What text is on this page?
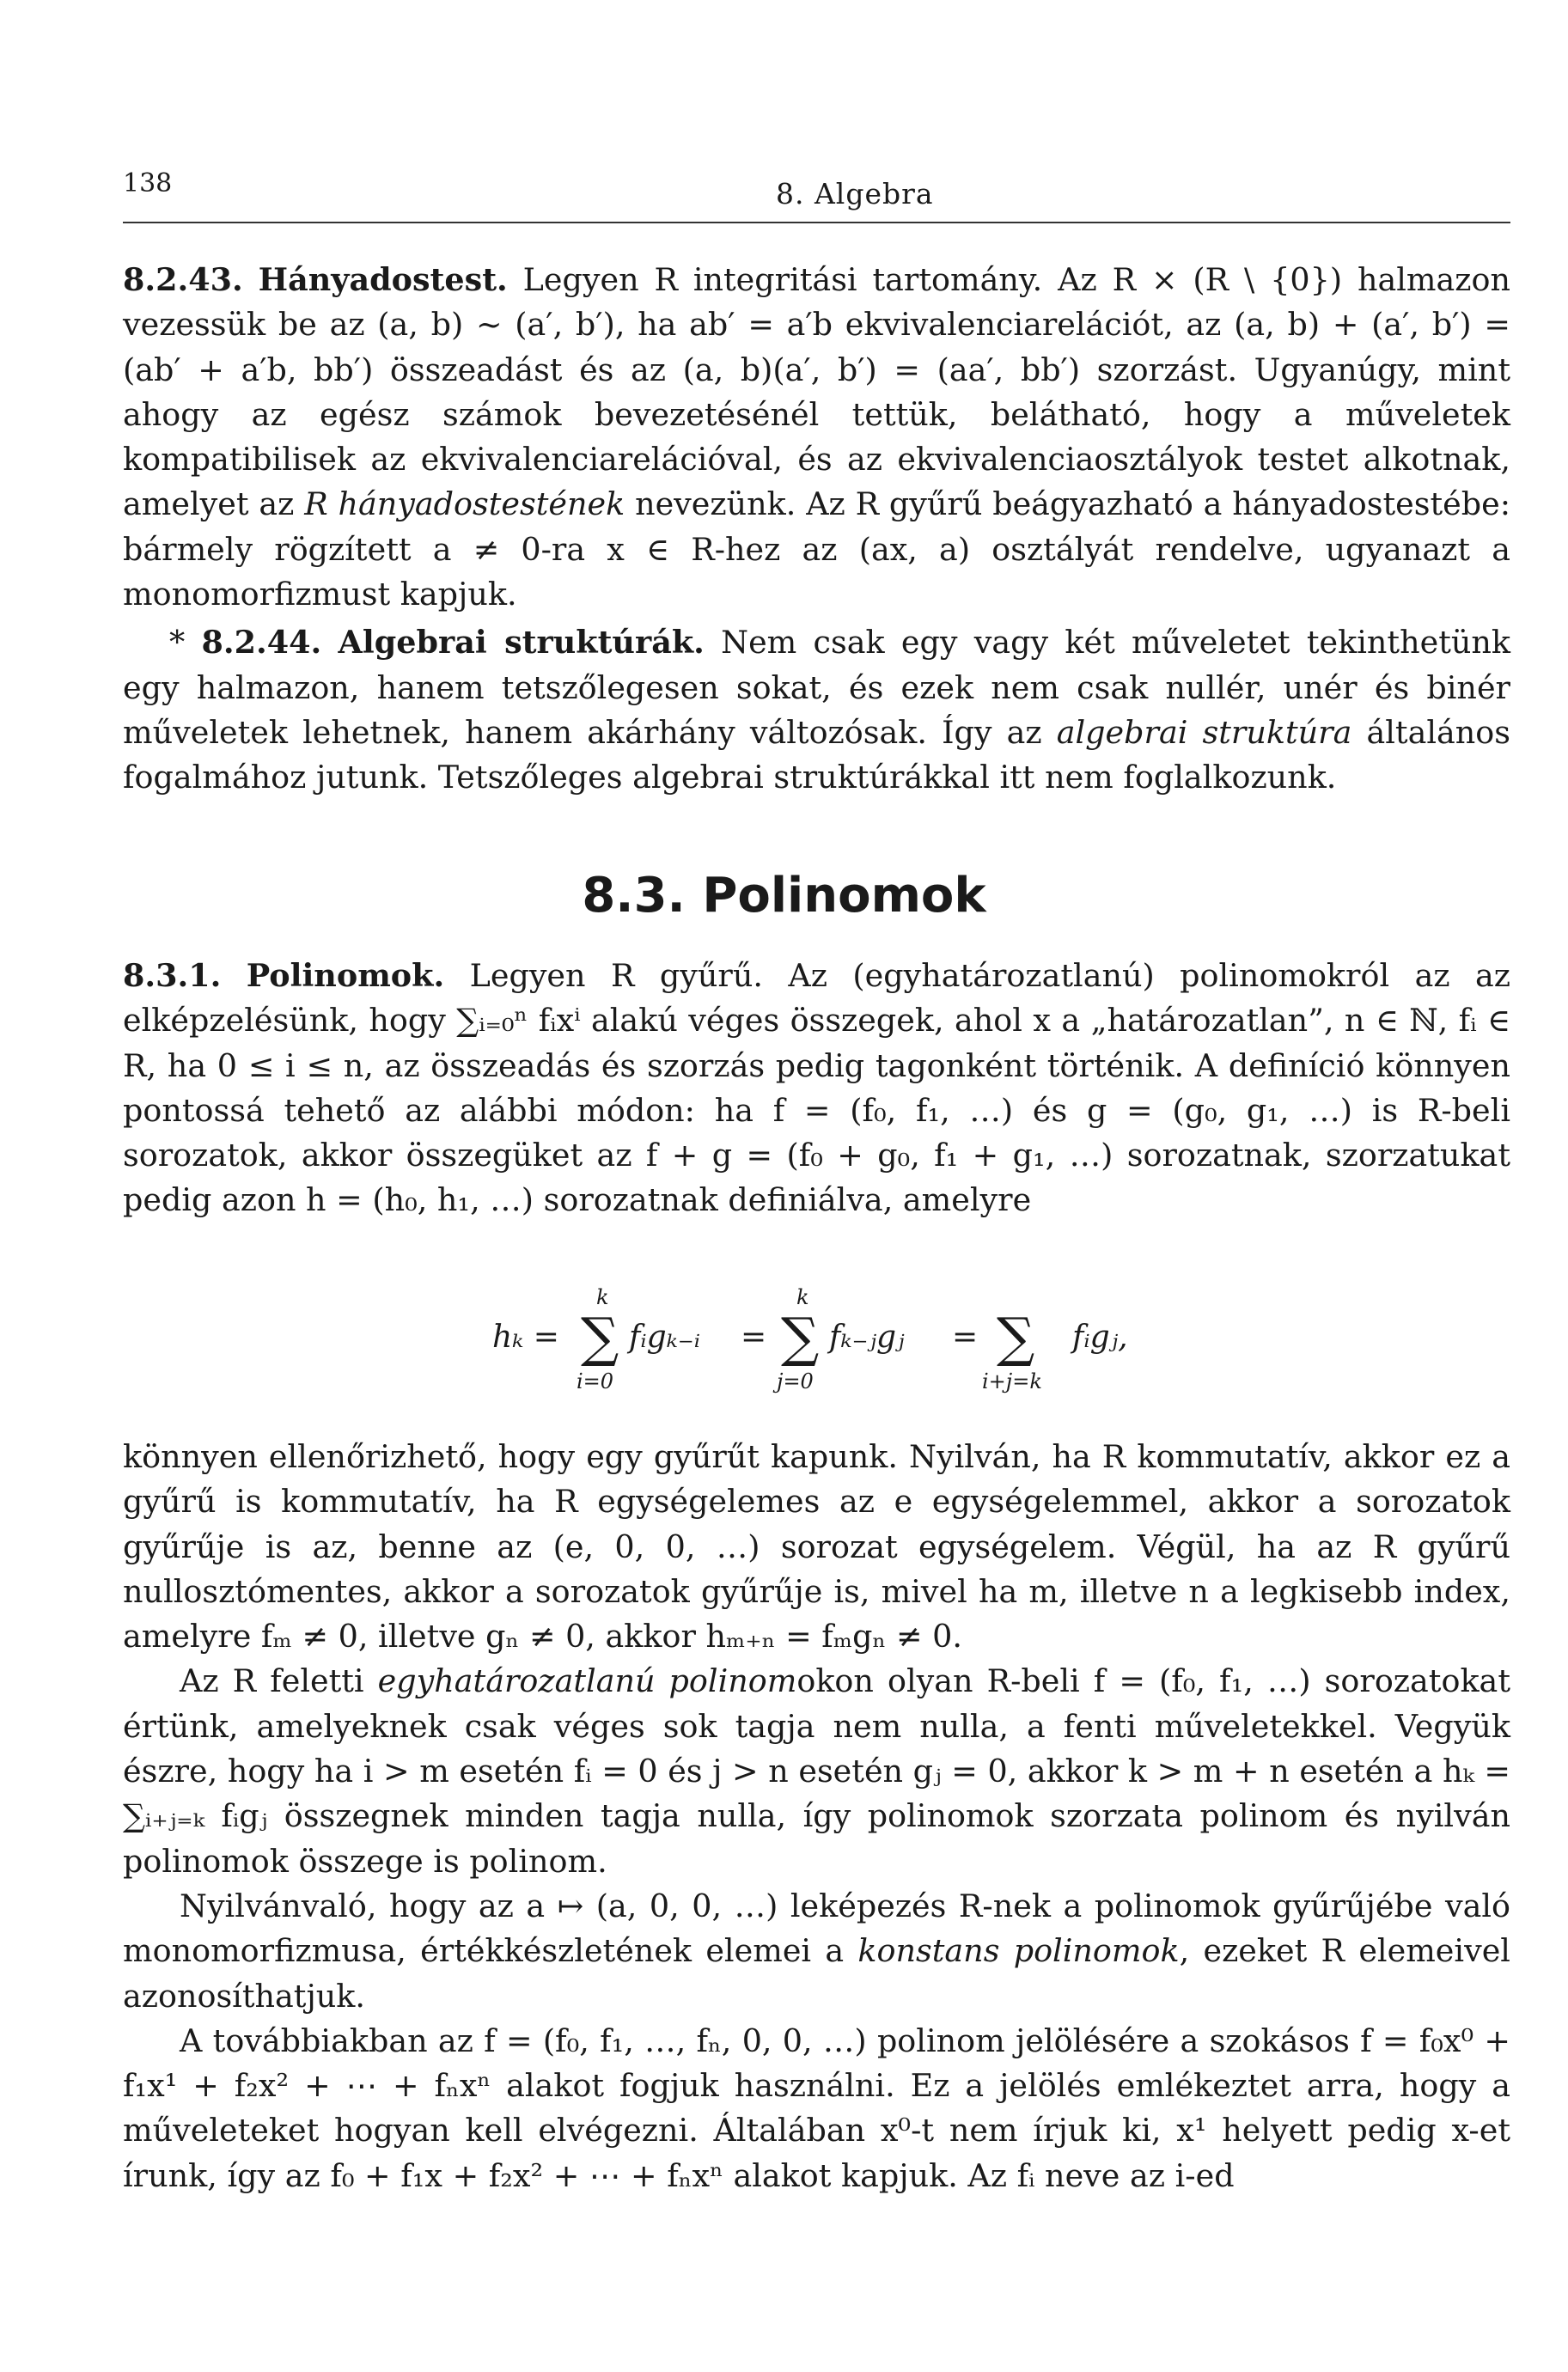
138	8. Algebra

8.2.43. Hányadostest. Legyen R integritási tartomány. Az R × (R \ {0}) halmazon vezessük be az (a, b) ~ (a′, b′), ha ab′ = a′b ekvivalenciarelációt, az (a, b) + (a′, b′) = (ab′ + a′b, bb′) összeadást és az (a, b)(a′, b′) = (aa′, bb′) szorzást. Ugyanúgy, mint ahogy az egész számok bevezetésénél tettük, belátható, hogy a műveletek kompatibilisek az ekvivalenciarelációval, és az ekvivalenciaosztályok testet alkotnak, amelyet az R hányadostestének nevezünk. Az R gyűrű beágyazható a hányadostestébe: bármely rögzített a ≠ 0-ra x ∈ R-hez az (ax, a) osztályát rendelve, ugyanazt a monomorfizmust kapjuk.

* 8.2.44. Algebrai struktúrák. Nem csak egy vagy két műveletet tekinthetünk egy halmazon, hanem tetszőlegesen sokat, és ezek nem csak nullér, unér és binér műveletek lehetnek, hanem akárhány változósak. Így az algebrai struktúra általános fogalmához jutunk. Tetszőleges algebrai struktúrákkal itt nem foglalkozunk.

8.3. Polinomok

8.3.1. Polinomok. Legyen R gyűrű. Az (egyhatározatlanú) polinomokról az az elképzelésünk, hogy ∑ᵢ₌₀ⁿ fᵢxⁱ alakú véges összegek, ahol x a „határozatlan”, n ∈ ℕ, fᵢ ∈ R, ha 0 ≤ i ≤ n, az összeadás és szorzás pedig tagonként történik. A definíció könnyen pontossá tehető az alábbi módon: ha f = (f₀, f₁, …) és g = (g₀, g₁, …) is R-beli sorozatok, akkor összegüket az f + g = (f₀ + g₀, f₁ + g₁, …) sorozatnak, szorzatukat pedig azon h = (h₀, h₁, …) sorozatnak definiálva, amelyre

hₖ =
k
∑
i=0
fᵢgₖ₋ᵢ =
k
∑
j=0
fₖ₋ⱼgⱼ = ∑
i+j=k
fᵢgⱼ,

könnyen ellenőrizhető, hogy egy gyűrűt kapunk. Nyilván, ha R kommutatív, akkor ez a gyűrű is kommutatív, ha R egységelemes az e egységelemmel, akkor a sorozatok gyűrűje is az, benne az (e, 0, 0, …) sorozat egységelem. Végül, ha az R gyűrű nullosztómentes, akkor a sorozatok gyűrűje is, mivel ha m, illetve n a legkisebb index, amelyre fₘ ≠ 0, illetve gₙ ≠ 0, akkor hₘ₊ₙ = fₘgₙ ≠ 0.

Az R feletti egyhatározatlanú polinomokon olyan R-beli f = (f₀, f₁, …) sorozatokat értünk, amelyeknek csak véges sok tagja nem nulla, a fenti műveletekkel. Vegyük észre, hogy ha i > m esetén fᵢ = 0 és j > n esetén gⱼ = 0, akkor k > m + n esetén a hₖ = ∑ᵢ₊ⱼ₌ₖ fᵢgⱼ összegnek minden tagja nulla, így polinomok szorzata polinom és nyilván polinomok összege is polinom.

Nyilvánvaló, hogy az a ↦ (a, 0, 0, …) leképezés R-nek a polinomok gyűrűjébe való monomorfizmusa, értékkészletének elemei a konstans polinomok, ezeket R elemeivel azonosíthatjuk.

A továbbiakban az f = (f₀, f₁, …, fₙ, 0, 0, …) polinom jelölésére a szokásos f = f₀x⁰ + f₁x¹ + f₂x² + ⋯ + fₙxⁿ alakot fogjuk használni. Ez a jelölés emlékeztet arra, hogy a műveleteket hogyan kell elvégezni. Általában x⁰-t nem írjuk ki, x¹ helyett pedig x-et írunk, így az f₀ + f₁x + f₂x² + ⋯ + fₙxⁿ alakot kapjuk. Az fᵢ neve az i-ed
